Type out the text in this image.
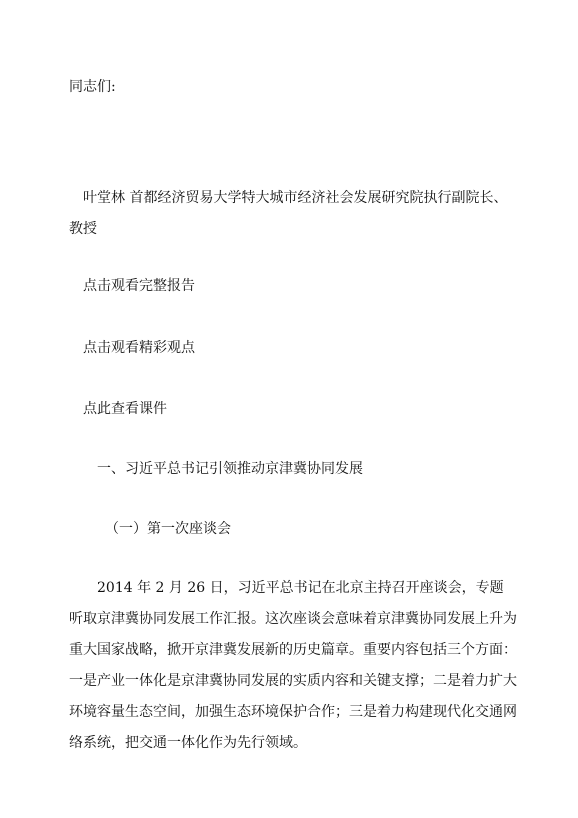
同志们:
叶堂林 首都经济贸易大学特大城市经济社会发展研究院执行副院长、教授
点击观看完整报告
点击观看精彩观点
点此查看课件
一、习近平总书记引领推动京津冀协同发展
（一）第一次座谈会
2014 年 2 月 26 日，习近平总书记在北京主持召开座谈会，专题听取京津冀协同发展工作汇报。这次座谈会意味着京津冀协同发展上升为重大国家战略，掀开京津冀发展新的历史篇章。重要内容包括三个方面：一是产业一体化是京津冀协同发展的实质内容和关键支撑；二是着力扩大环境容量生态空间，加强生态环境保护合作；三是着力构建现代化交通网络系统，把交通一体化作为先行领域。
